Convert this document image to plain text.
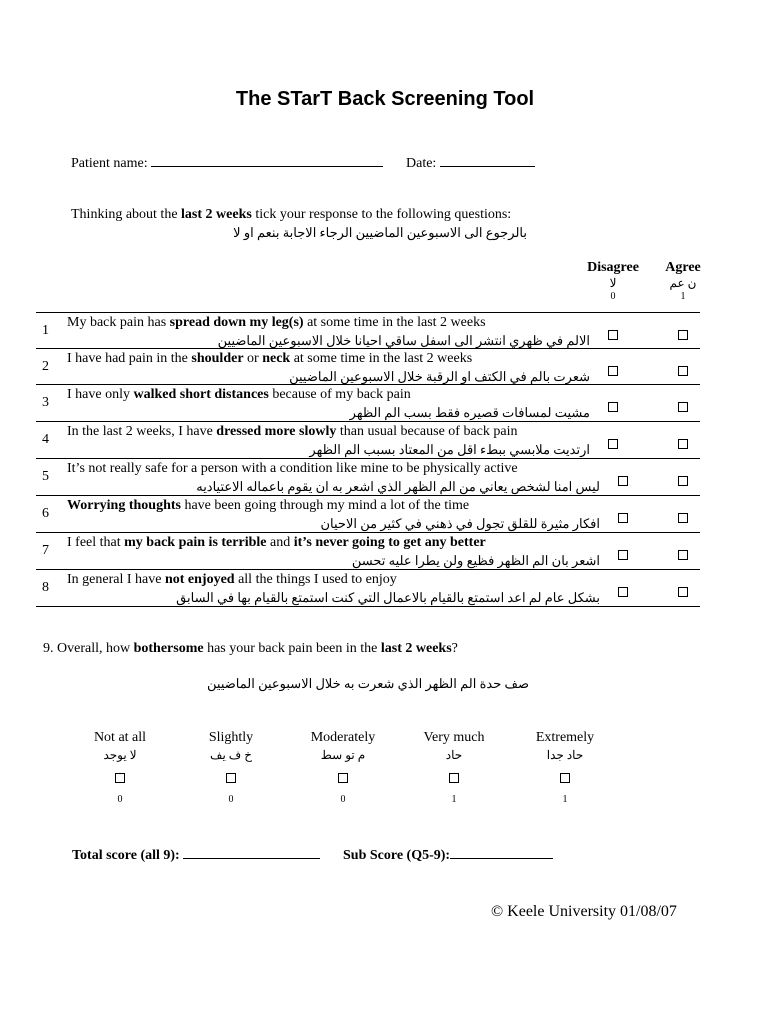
The STarT Back Screening Tool
Patient name:	Date:
Thinking about the last 2 weeks tick your response to the following questions:
بالرجوع الى الاسبوعين الماضيين الرجاء الاجابة بنعم او لا
Disagree
لا
0
Agree
ن عم
1
1
My back pain has spread down my leg(s) at some time in the last 2 weeks
الالم في ظهري انتشر الى اسفل ساقي احيانا خلال الاسبوعين الماضيين
2
I have had pain in the shoulder or neck at some time in the last 2 weeks
شعرت بالم في الكتف او الرقبة خلال الاسبوعين الماضيين
3
I have only walked short distances because of my back pain
مشيت لمسافات قصيره فقط بسب الم الظهر
4
In the last 2 weeks, I have dressed more slowly than usual because of back pain
ارتديت ملابسي ببطء اقل من المعتاد بسبب الم الظهر
5
It’s not really safe for a person with a condition like mine to be physically active
ليس امنا لشخص يعاني من الم الظهر الذي اشعر به ان يقوم باعماله الاعتياديه
6
Worrying thoughts have been going through my mind a lot of the time
افكار مثيرة للقلق تجول في ذهني في كثير من الاحيان
7
I feel that my back pain is terrible and it’s never going to get any better
اشعر بان الم الظهر فظيع ولن يطرا عليه تحسن
8
In general I have not enjoyed all the things I used to enjoy
بشكل عام لم اعد استمتع بالقيام بالاعمال التي كنت استمتع بالقيام بها في السابق
9. Overall, how bothersome has your back pain been in the last 2 weeks?
صف حدة الم الظهر الذي شعرت به خلال الاسبوعين الماضيين
Not at all
لا يوجد
0
Slightly
خ ف يف
0
Moderately
م تو سط
0
Very much
حاد
1
Extremely
حاد جدا
1
Total score (all 9):	Sub Score (Q5-9):
© Keele University 01/08/07
